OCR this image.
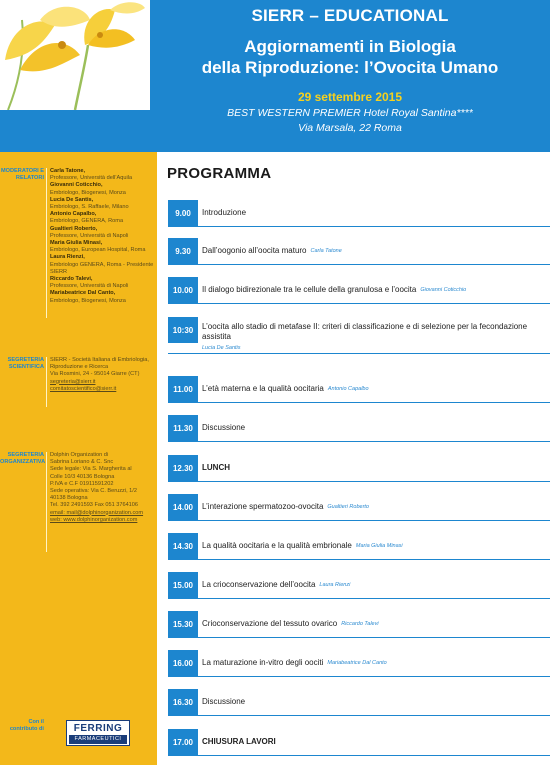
SIERR – EDUCATIONAL
Aggiornamenti in Biologia
della Riproduzione: l’Ovocita Umano
29 settembre 2015
BEST WESTERN PREMIER Hotel Royal Santina****
Via Marsala, 22 Roma
MODERATORI E RELATORI
Carla Tatone,
Professore, Università dell’Aquila
Giovanni Coticchio,
Embriologo, Biogenesi, Monza
Lucia De Santis,
Embriologo, S. Raffaele, Milano
Antonio Capalbo,
Embriologo, GENERA, Roma
Gualtieri Roberto,
Professore, Università di Napoli
Maria Giulia Minasi,
Embriologo, European Hospital, Roma
Laura Rienzi,
Embriologo GENERA, Roma - Presidente SIERR
Riccardo Talevi,
Professore, Università di Napoli
Mariabeatrice Dal Canto,
Embriologo, Biogenesi, Monza
SEGRETERIA SCIENTIFICA
SIERR - Società Italiana di Embriologia,
Riproduzione e Ricerca
Via Rosmini, 24 - 95014 Giarre (CT)
segreteria@sierr.it
comitatoscientifico@sierr.it
SEGRETERIA ORGANIZZATIVA
Dolphin Organization di
Sabrina Loriano & C. Snc
Sede legale: Via S. Margherita al
Colle 10/3 40136 Bologna
P.IVA e C.F 01911591202
Sede operativa: Via C. Beruzzi, 1/2
40138 Bologna
Tel. 392 2491593 Fax 051 3764106
email: mail@dolphinorganization.com
web: www.dolphinorganization.com
Con il contributo di	FERRING
FARMACEUTICI
PROGRAMMA
9.00	Introduzione
9.30	Dall’oogonio all’oocita maturo Carla Tatone
10.00	Il dialogo bidirezionale tra le cellule della granulosa e l’oocita Giovanni Coticchio
10:30	L’oocita allo stadio di metafase II: criteri di classificazione e di selezione per la fecondazione assistita
Lucia De Santis
11.00	L’età materna e la qualità oocitaria Antonio Capalbo
11.30	Discussione
12.30	LUNCH
14.00	L’interazione spermatozoo-ovocita Gualtieri Roberto
14.30	La qualità oocitaria e la qualità embrionale Maria Giulia Minasi
15.00	La crioconservazione dell’oocita Laura Rienzi
15.30	Crioconservazione del tessuto ovarico Riccardo Talevi
16.00	La maturazione in-vitro degli oociti Mariabeatrice Dal Canto
16.30	Discussione
17.00	CHIUSURA LAVORI
